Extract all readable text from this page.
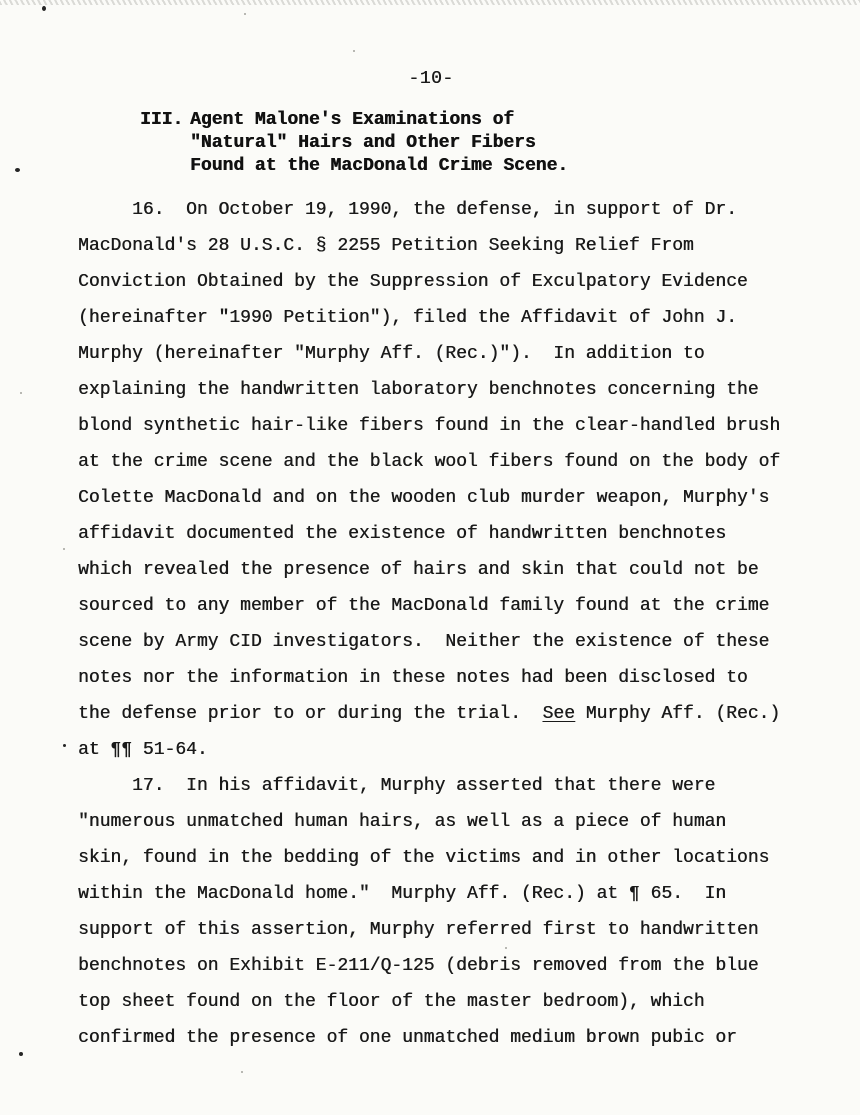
-10-
III. Agent Malone's Examinations of
"Natural" Hairs and Other Fibers
Found at the MacDonald Crime Scene.
16.  On October 19, 1990, the defense, in support of Dr.
MacDonald's 28 U.S.C. § 2255 Petition Seeking Relief From
Conviction Obtained by the Suppression of Exculpatory Evidence
(hereinafter "1990 Petition"), filed the Affidavit of John J.
Murphy (hereinafter "Murphy Aff. (Rec.)").  In addition to
explaining the handwritten laboratory benchnotes concerning the
blond synthetic hair-like fibers found in the clear-handled brush
at the crime scene and the black wool fibers found on the body of
Colette MacDonald and on the wooden club murder weapon, Murphy's
affidavit documented the existence of handwritten benchnotes
which revealed the presence of hairs and skin that could not be
sourced to any member of the MacDonald family found at the crime
scene by Army CID investigators.  Neither the existence of these
notes nor the information in these notes had been disclosed to
the defense prior to or during the trial.  See Murphy Aff. (Rec.)
at ¶¶ 51-64.
17.  In his affidavit, Murphy asserted that there were
"numerous unmatched human hairs, as well as a piece of human
skin, found in the bedding of the victims and in other locations
within the MacDonald home."  Murphy Aff. (Rec.) at ¶ 65.  In
support of this assertion, Murphy referred first to handwritten
benchnotes on Exhibit E-211/Q-125 (debris removed from the blue
top sheet found on the floor of the master bedroom), which
confirmed the presence of one unmatched medium brown pubic or
